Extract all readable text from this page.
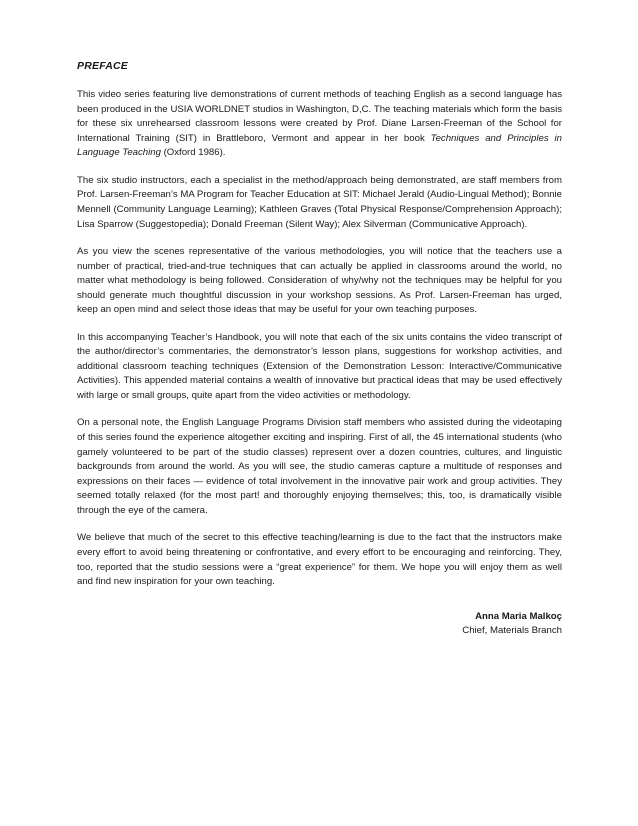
PREFACE

This video series featuring live demonstrations of current methods of teaching English as a second language has been produced in the USIA WORLDNET studios in Washington, D,C. The teaching materials which form the basis for these six unrehearsed classroom lessons were created by Prof. Diane Larsen-Freeman of the School for International Training (SIT) in Brattleboro, Vermont and appear in her book Techniques and Principles in Language Teaching (Oxford 1986).

The six studio instructors, each a specialist in the method/approach being demonstrated, are staff members from Prof. Larsen-Freeman’s MA Program for Teacher Education at SIT: Michael Jerald (Audio-Lingual Method); Bonnie Mennell (Community Language Learning); Kathleen Graves (Total Physical Response/Comprehension Approach); Lisa Sparrow (Suggestopedia); Donald Freeman (Silent Way); Alex Silverman (Communicative Approach).

As you view the scenes representative of the various methodologies, you will notice that the teachers use a number of practical, tried-and-true techniques that can actually be applied in classrooms around the world, no matter what methodology is being followed. Consideration of why/why not the techniques may be helpful for you should generate much thoughtful discussion in your workshop sessions. As Prof. Larsen-Freeman has urged, keep an open mind and select those ideas that may be useful for your own teaching purposes.

In this accompanying Teacher’s Handbook, you will note that each of the six units contains the video transcript of the author/director’s commentaries, the demonstrator’s lesson plans, suggestions for workshop activities, and additional classroom teaching techniques (Extension of the Demonstration Lesson: Interactive/Communicative Activities). This appended material contains a wealth of innovative but practical ideas that may be used effectively with large or small groups, quite apart from the video activities or methodology.

On a personal note, the English Language Programs Division staff members who assisted during the videotaping of this series found the experience altogether exciting and inspiring. First of all, the 45 international students (who gamely volunteered to be part of the studio classes) represent over a dozen countries, cultures, and linguistic backgrounds from around the world. As you will see, the studio cameras capture a multitude of responses and expressions on their faces — evidence of total involvement in the innovative pair work and group activities. They seemed totally relaxed (for the most part! and thoroughly enjoying themselves; this, too, is dramatically visible through the eye of the camera.

We believe that much of the secret to this effective teaching/learning is due to the fact that the instructors make every effort to avoid being threatening or confrontative, and every effort to be encouraging and reinforcing. They, too, reported that the studio sessions were a “great experience” for them. We hope you will enjoy them as well and find new inspiration for your own teaching.

Anna Maria Malkoç
Chief, Materials Branch
